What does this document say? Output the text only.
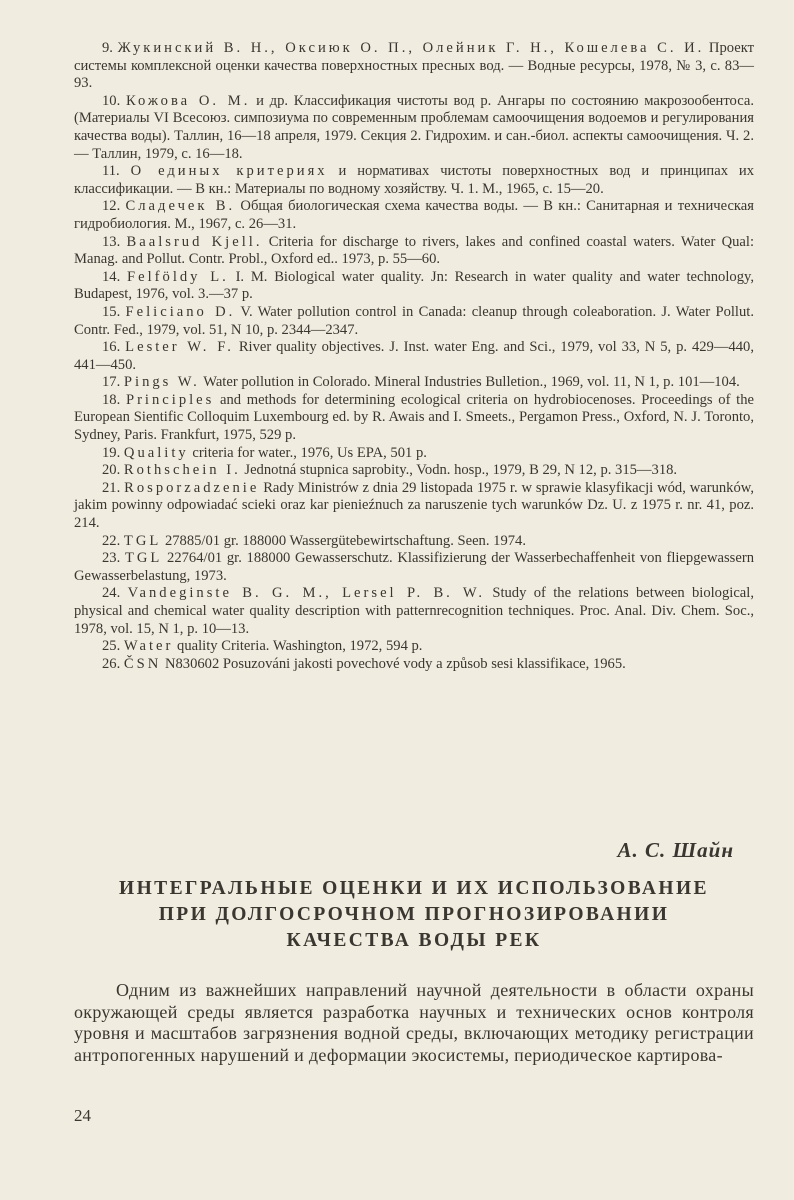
9. Жукинский В. Н., Оксиюк О. П., Олейник Г. Н., Кошелева С. И. Проект системы комплексной оценки качества поверхностных пресных вод. — Водные ресурсы, 1978, № 3, с. 83—93.

10. Кожова О. М. и др. Классификация чистоты вод р. Ангары по состоянию макрозообентоса. (Материалы VI Всесоюз. симпозиума по современным проблемам самоочищения водоемов и регулирования качества воды). Таллин, 16—18 апреля, 1979. Секция 2. Гидрохим. и сан.-биол. аспекты самоочищения. Ч. 2. — Таллин, 1979, с. 16—18.

11. О единых критериях и нормативах чистоты поверхностных вод и принципах их классификации. — В кн.: Материалы по водному хозяйству. Ч. 1. М., 1965, с. 15—20.

12. Сладечек В. Общая биологическая схема качества воды. — В кн.: Санитарная и техническая гидробиология. М., 1967, с. 26—31.

13. Baalsrud Kjell. Criteria for discharge to rivers, lakes and confined coastal waters. Water Qual: Manag. and Pollut. Contr. Probl., Oxford ed.. 1973, p. 55—60.

14. Felföldy L. I. M. Biological water quality. Jn: Research in water quality and water technology, Budapest, 1976, vol. 3.—37 p.

15. Feliciano D. V. Water pollution control in Canada: cleanup through coleaboration. J. Water Pollut. Contr. Fed., 1979, vol. 51, N 10, p. 2344—2347.

16. Lester W. F. River quality objectives. J. Inst. water Eng. and Sci., 1979, vol 33, N 5, p. 429—440, 441—450.

17. Pings W. Water pollution in Colorado. Mineral Industries Bulletion., 1969, vol. 11, N 1, p. 101—104.

18. Principles and methods for determining ecological criteria on hydrobiocenoses. Proceedings of the European Sientific Colloquim Luxembourg ed. by R. Awais and I. Smeets., Pergamon Press., Oxford, N. J. Toronto, Sydney, Paris. Frankfurt, 1975, 529 p.

19. Quality criteria for water., 1976, Us EPA, 501 p.

20. Rothschein I. Jednotná stupnica saprobity., Vodn. hosp., 1979, B 29, N 12, p. 315—318.

21. Rosporzadzenie Rady Ministrów z dnia 29 listopada 1975 r. w sprawie klasyfikacji wód, warunków, jakim powinny odpowiadać scieki oraz kar pienieźnuch za naruszenie tych warunków Dz. U. z 1975 r. nr. 41, poz. 214.

22. TGL 27885/01 gr. 188000 Wassergütebewirtschaftung. Seen. 1974.

23. TGL 22764/01 gr. 188000 Gewasserschutz. Klassifizierung der Wasserbechaffenheit von fliepgewassern Gewasserbelastung, 1973.

24. Vandeginste B. G. M., Lersel P. B. W. Study of the relations between biological, physical and chemical water quality description with patternrecognition techniques. Proc. Anal. Div. Chem. Soc., 1978, vol. 15, N 1, p. 10—13.

25. Water quality Criteria. Washington, 1972, 594 p.

26. ČSN N830602 Posuzováni jakosti povechové vody a způsob sesi klassifikace, 1965.

А. С. Шайн
ИНТЕГРАЛЬНЫЕ ОЦЕНКИ И ИХ ИСПОЛЬЗОВАНИЕ
ПРИ ДОЛГОСРОЧНОМ ПРОГНОЗИРОВАНИИ
КАЧЕСТВА ВОДЫ РЕК

Одним из важнейших направлений научной деятельности в области охраны окружающей среды является разработка научных и технических основ контроля уровня и масштабов загрязнения водной среды, включающих методику регистрации антропогенных нарушений и деформации экосистемы, периодическое картирова-

24
